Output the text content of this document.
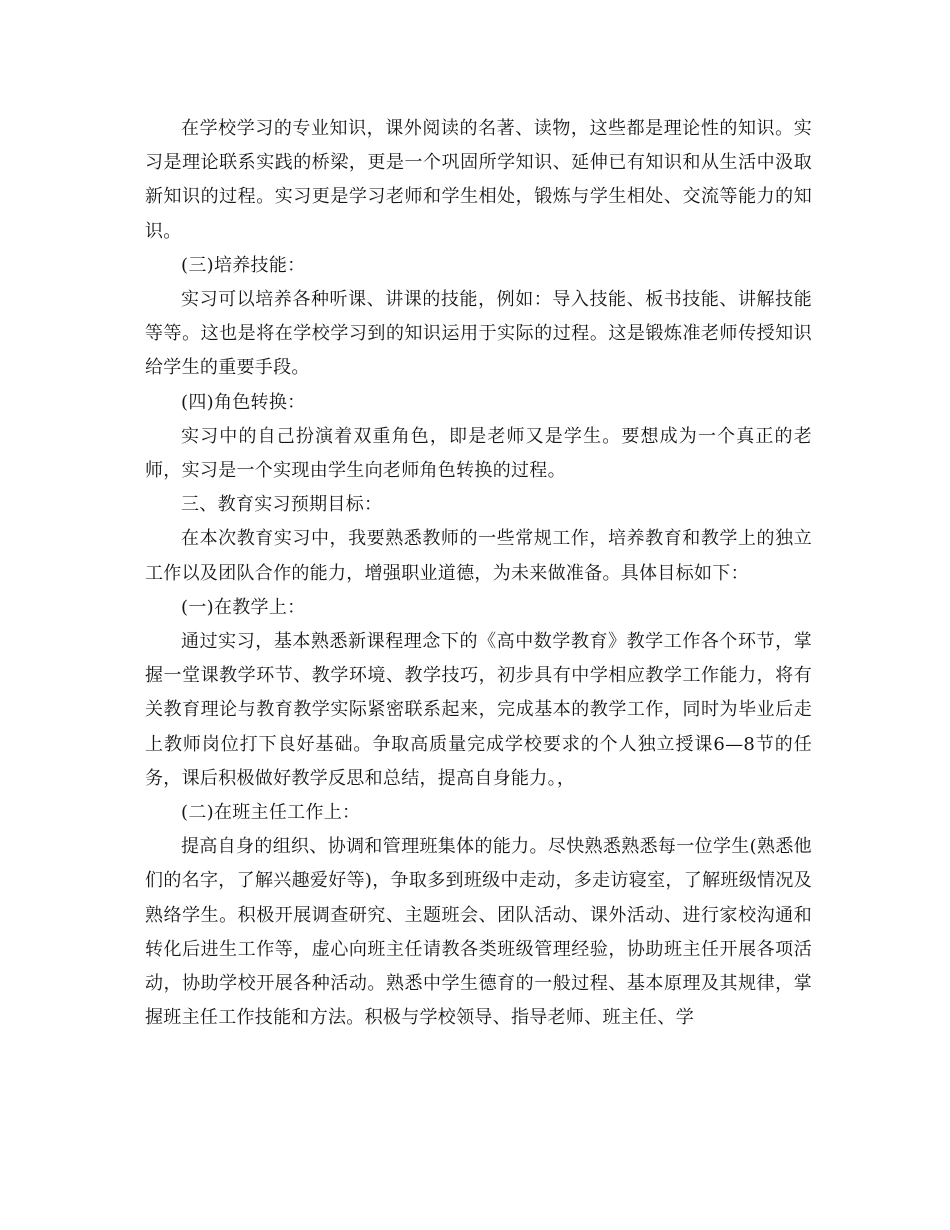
在学校学习的专业知识，课外阅读的名著、读物，这些都是理论性的知识。实习是理论联系实践的桥梁，更是一个巩固所学知识、延伸已有知识和从生活中汲取新知识的过程。实习更是学习老师和学生相处，锻炼与学生相处、交流等能力的知识。

(三)培养技能：

实习可以培养各种听课、讲课的技能，例如：导入技能、板书技能、讲解技能等等。这也是将在学校学习到的知识运用于实际的过程。这是锻炼准老师传授知识给学生的重要手段。

(四)角色转换：

实习中的自己扮演着双重角色，即是老师又是学生。要想成为一个真正的老师，实习是一个实现由学生向老师角色转换的过程。

三、教育实习预期目标：

在本次教育实习中，我要熟悉教师的一些常规工作，培养教育和教学上的独立工作以及团队合作的能力，增强职业道德，为未来做准备。具体目标如下：

(一)在教学上：

通过实习，基本熟悉新课程理念下的《高中数学教育》教学工作各个环节，掌握一堂课教学环节、教学环境、教学技巧，初步具有中学相应教学工作能力，将有关教育理论与教育教学实际紧密联系起来，完成基本的教学工作，同时为毕业后走上教师岗位打下良好基础。争取高质量完成学校要求的个人独立授课6—8节的任务，课后积极做好教学反思和总结，提高自身能力。，

(二)在班主任工作上：

提高自身的组织、协调和管理班集体的能力。尽快熟悉熟悉每一位学生(熟悉他们的名字，了解兴趣爱好等)，争取多到班级中走动，多走访寝室，了解班级情况及熟络学生。积极开展调查研究、主题班会、团队活动、课外活动、进行家校沟通和转化后进生工作等，虚心向班主任请教各类班级管理经验，协助班主任开展各项活动，协助学校开展各种活动。熟悉中学生德育的一般过程、基本原理及其规律，掌握班主任工作技能和方法。积极与学校领导、指导老师、班主任、学
